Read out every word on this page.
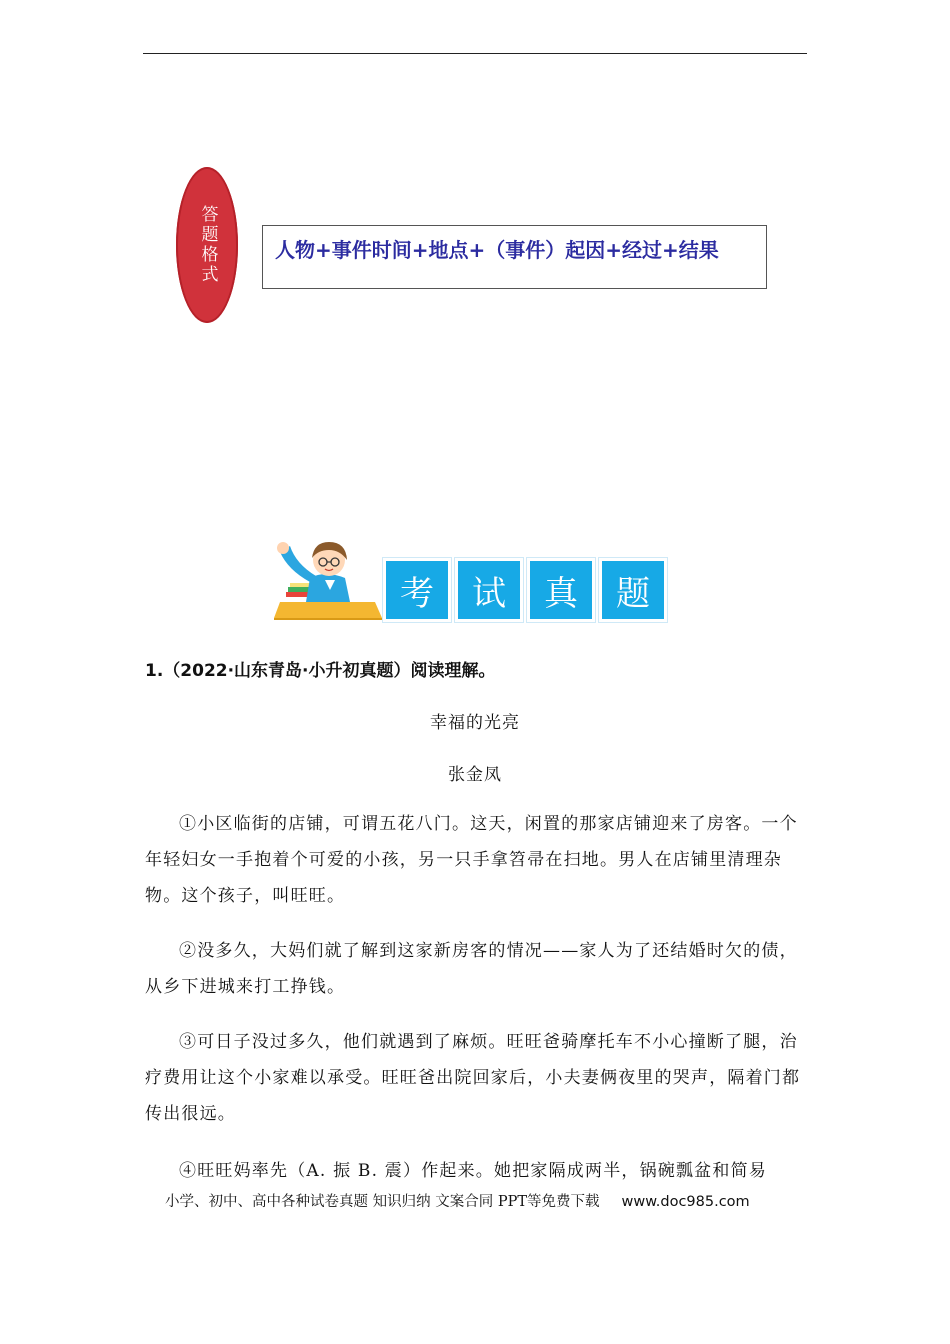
答题格式	人物+事件时间+地点+（事件）起因+经过+结果
考	试	真	题
1.（2022·山东青岛·小升初真题）阅读理解。
幸福的光亮
张金凤

①小区临街的店铺，可谓五花八门。这天，闲置的那家店铺迎来了房客。一个年轻妇女一手抱着个可爱的小孩，另一只手拿笤帚在扫地。男人在店铺里清理杂物。这个孩子，叫旺旺。

②没多久，大妈们就了解到这家新房客的情况——家人为了还结婚时欠的债，从乡下进城来打工挣钱。

③可日子没过多久，他们就遇到了麻烦。旺旺爸骑摩托车不小心撞断了腿，治疗费用让这个小家难以承受。旺旺爸出院回家后，小夫妻俩夜里的哭声，隔着门都传出很远。

④旺旺妈率先（A. 振 B. 震）作起来。她把家隔成两半，锅碗瓢盆和简易

小学、初中、高中各种试卷真题 知识归纳 文案合同 PPT等免费下载 www.doc985.com
